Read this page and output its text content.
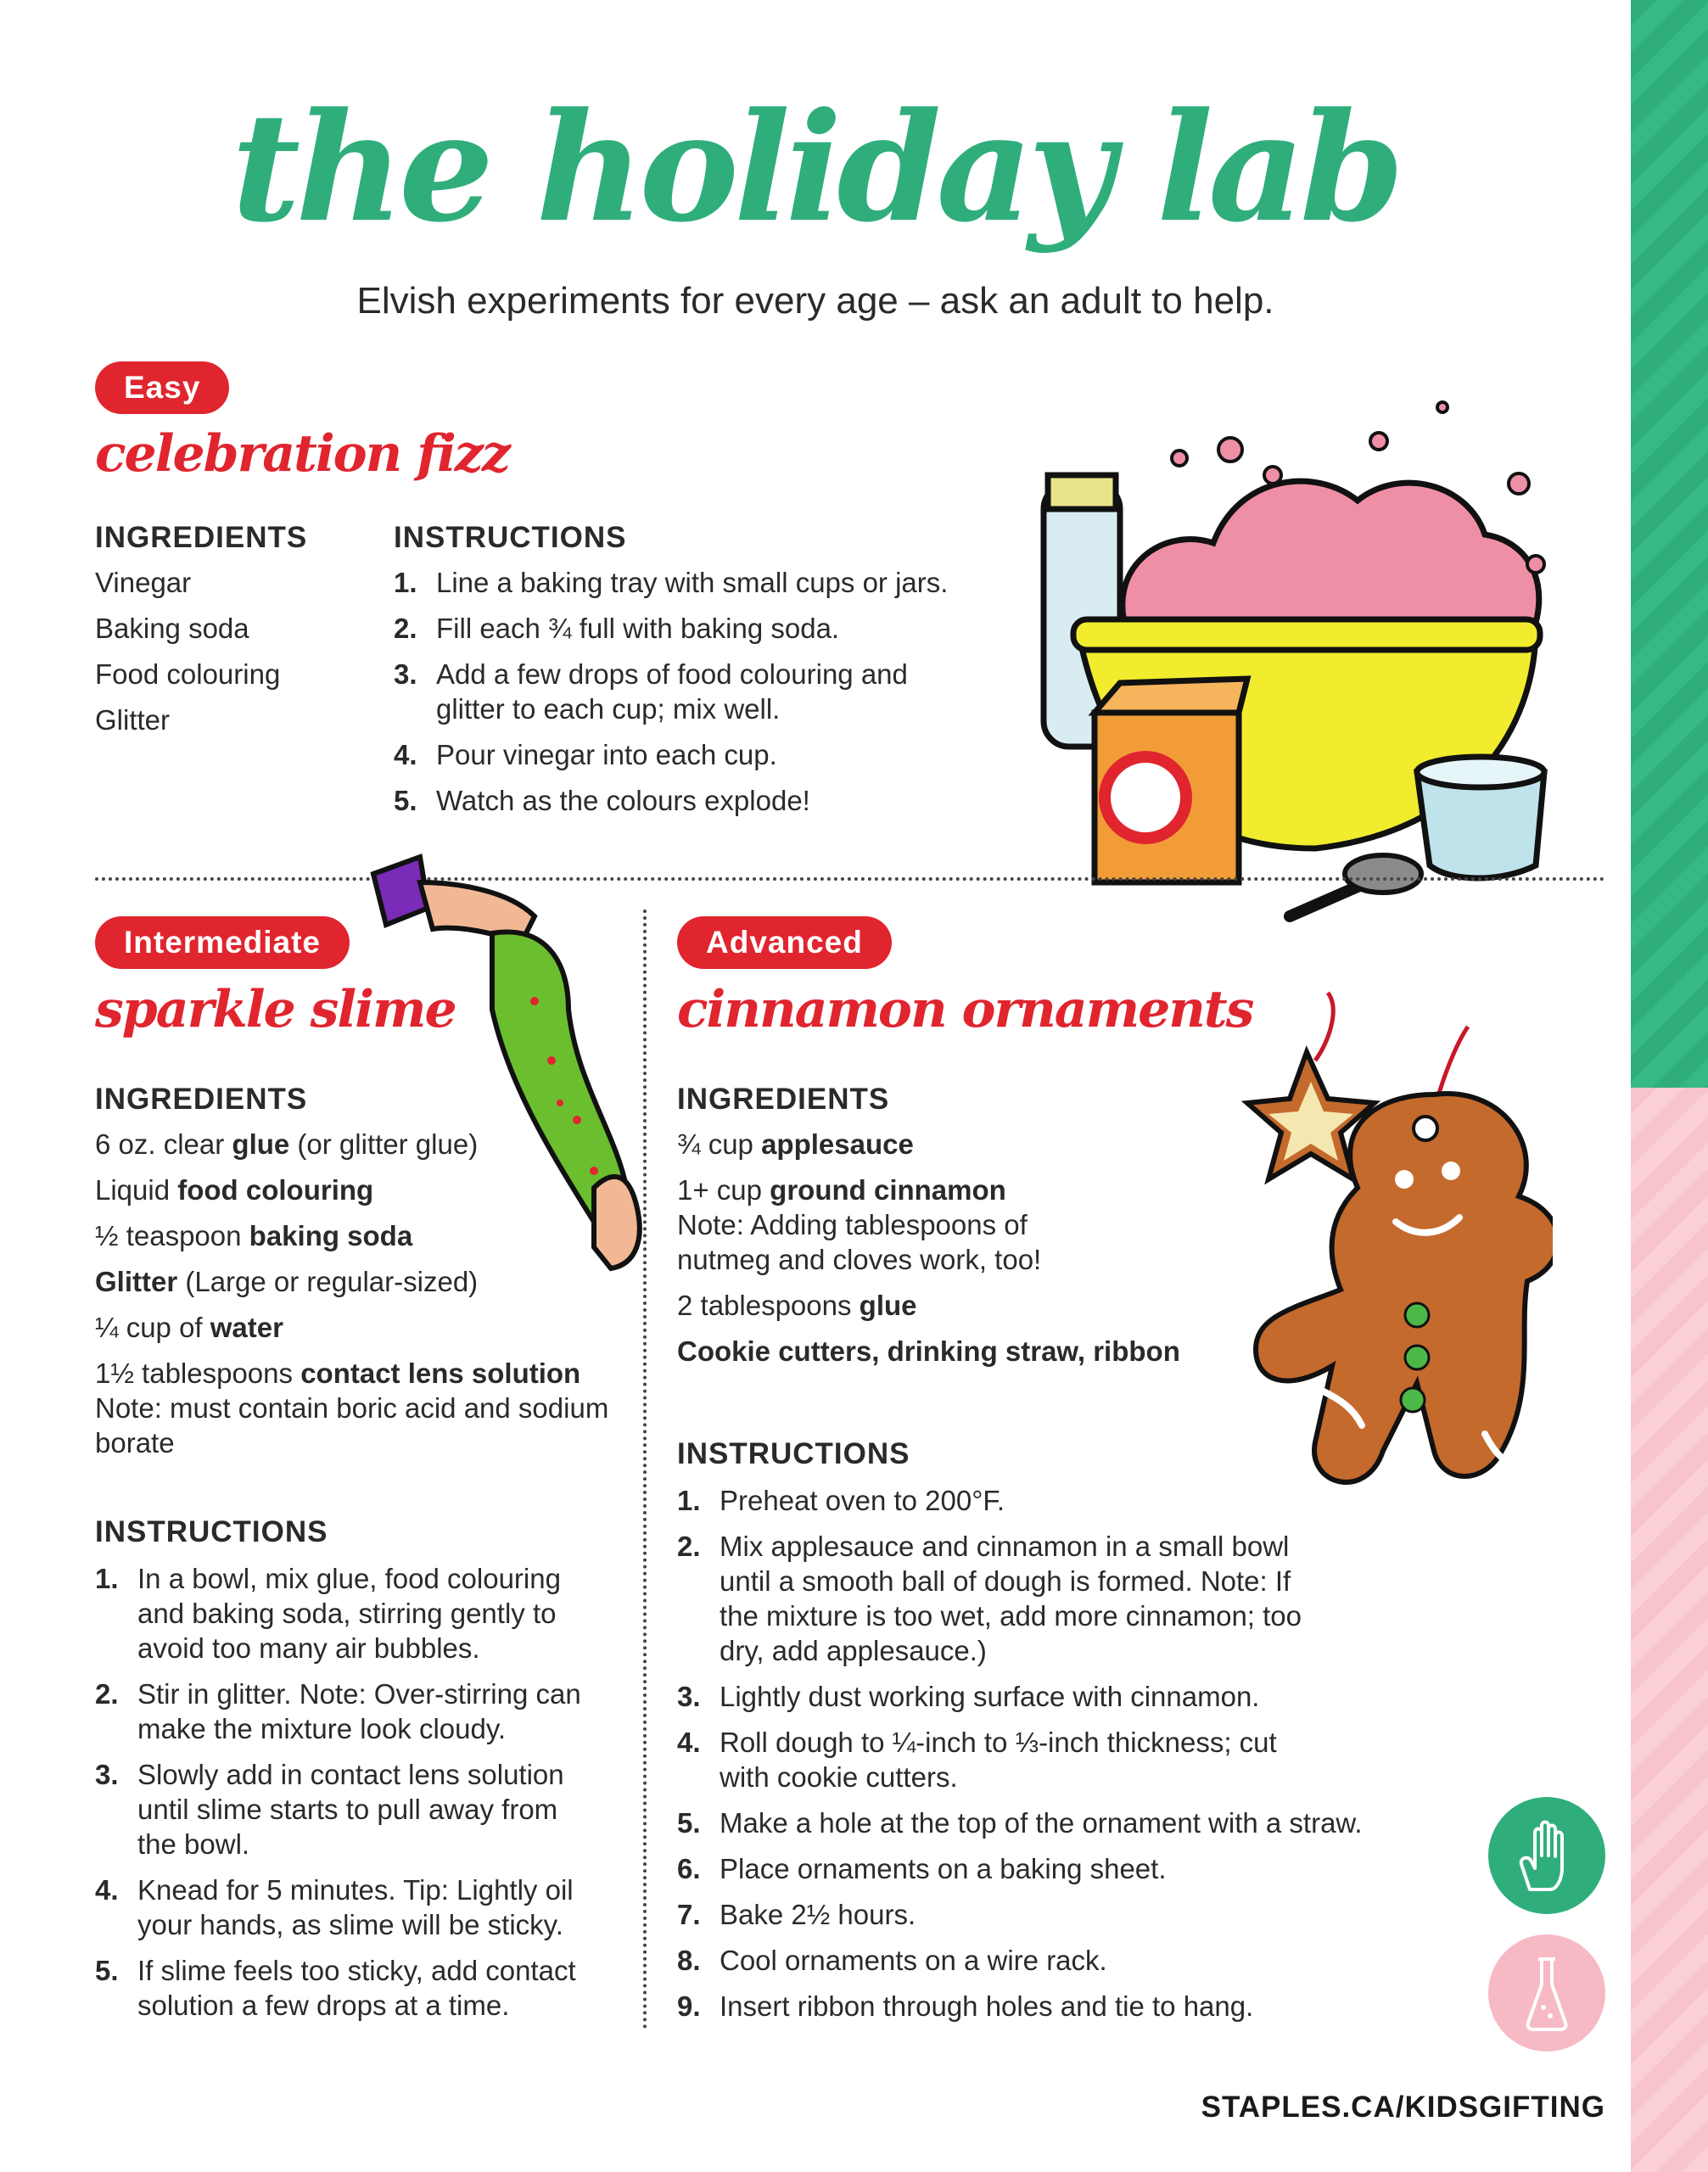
the holiday lab
Elvish experiments for every age – ask an adult to help.
Easy
celebration fizz
INGREDIENTS
Vinegar
Baking soda
Food colouring
Glitter
INSTRUCTIONS
1. Line a baking tray with small cups or jars.
2. Fill each ¾ full with baking soda.
3. Add a few drops of food colouring and glitter to each cup; mix well.
4. Pour vinegar into each cup.
5. Watch as the colours explode!
Intermediate
sparkle slime
INGREDIENTS
6 oz. clear glue (or glitter glue)
Liquid food colouring
½ teaspoon baking soda
Glitter (Large or regular-sized)
¼ cup of water
1½ tablespoons contact lens solution
Note: must contain boric acid and sodium borate
INSTRUCTIONS
1. In a bowl, mix glue, food colouring and baking soda, stirring gently to avoid too many air bubbles.
2. Stir in glitter. Note: Over-stirring can make the mixture look cloudy.
3. Slowly add in contact lens solution until slime starts to pull away from the bowl.
4. Knead for 5 minutes. Tip: Lightly oil your hands, as slime will be sticky.
5. If slime feels too sticky, add contact solution a few drops at a time.
Advanced
cinnamon ornaments
INGREDIENTS
¾ cup applesauce
1+ cup ground cinnamon
Note: Adding tablespoons of nutmeg and cloves work, too!
2 tablespoons glue
Cookie cutters, drinking straw, ribbon
INSTRUCTIONS
1. Preheat oven to 200°F.
2. Mix applesauce and cinnamon in a small bowl until a smooth ball of dough is formed. Note: If the mixture is too wet, add more cinnamon; too dry, add applesauce.)
3. Lightly dust working surface with cinnamon.
4. Roll dough to ¼-inch to ⅓-inch thickness; cut with cookie cutters.
5. Make a hole at the top of the ornament with a straw.
6. Place ornaments on a baking sheet.
7. Bake 2½ hours.
8. Cool ornaments on a wire rack.
9. Insert ribbon through holes and tie to hang.
STAPLES.CA/KIDSGIFTING
